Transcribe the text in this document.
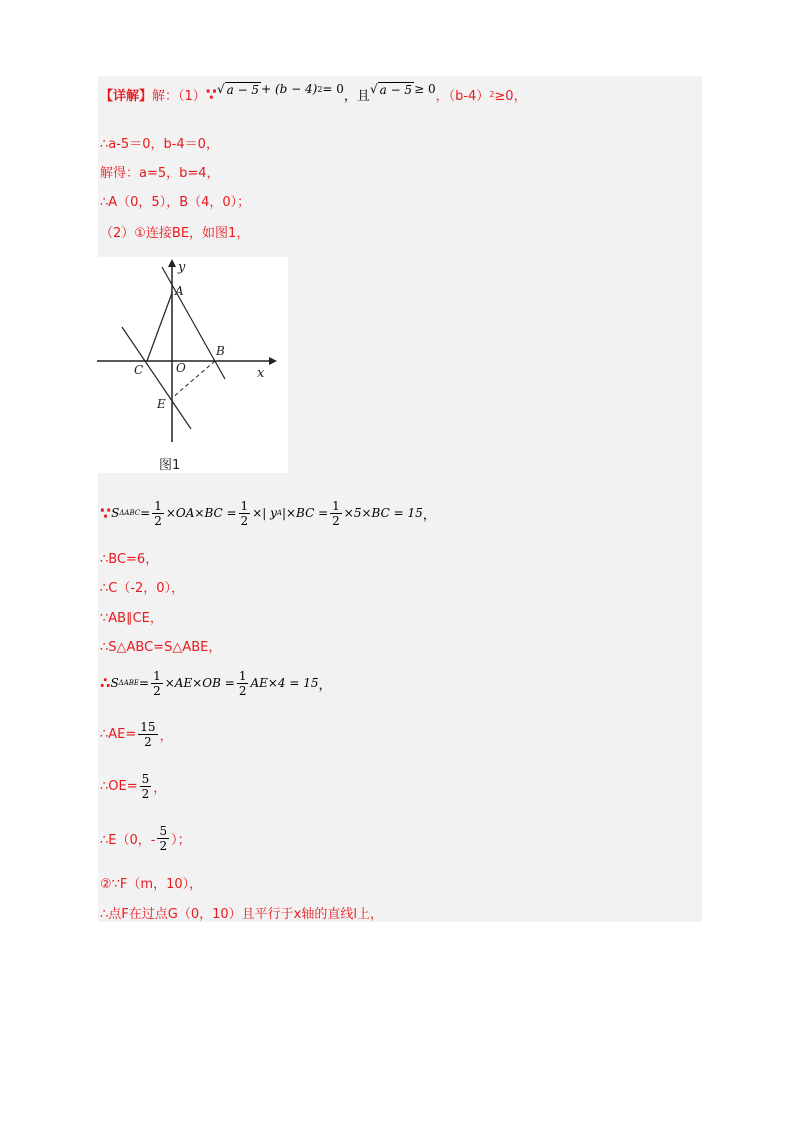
【详解】 解：（1） ∵ √ a − 5 + (b − 4) 2 = 0 ，且 √ a − 5 ≥ 0 ，（b‑4） 2 ≥0，
∴a‑5＝0，b‑4＝0，
解得：a=5，b=4，
∴A（0，5），B（4，0）；
（2）①连接BE，如图1，
y
x
A
B
C	O
E
图1
∵ S $\Delta ABC = \frac{1}{2} \times OA\times BC = \frac{1}{2}$ ×| y A $|\times BC = \frac{1}{2} \times 5\times BC = 15$ ，
∴BC=6，
∴C（‑2，0），
∵AB∥CE，
∴S△ABC=S△ABE，
∴ S $\Delta ABE = \frac{1}{2} \times AE\times OB = \frac{1}{2} AE\times 4 = 15$ ，
∴AE= $\frac{15}{2}$ ，
∴OE= $\frac{5}{2}$ ，
∴E（0，‑ $\frac{5}{2}$ ）；
②∵F（m，10），
∴点F在过点G（0，10）且平行于x轴的直线l上，
